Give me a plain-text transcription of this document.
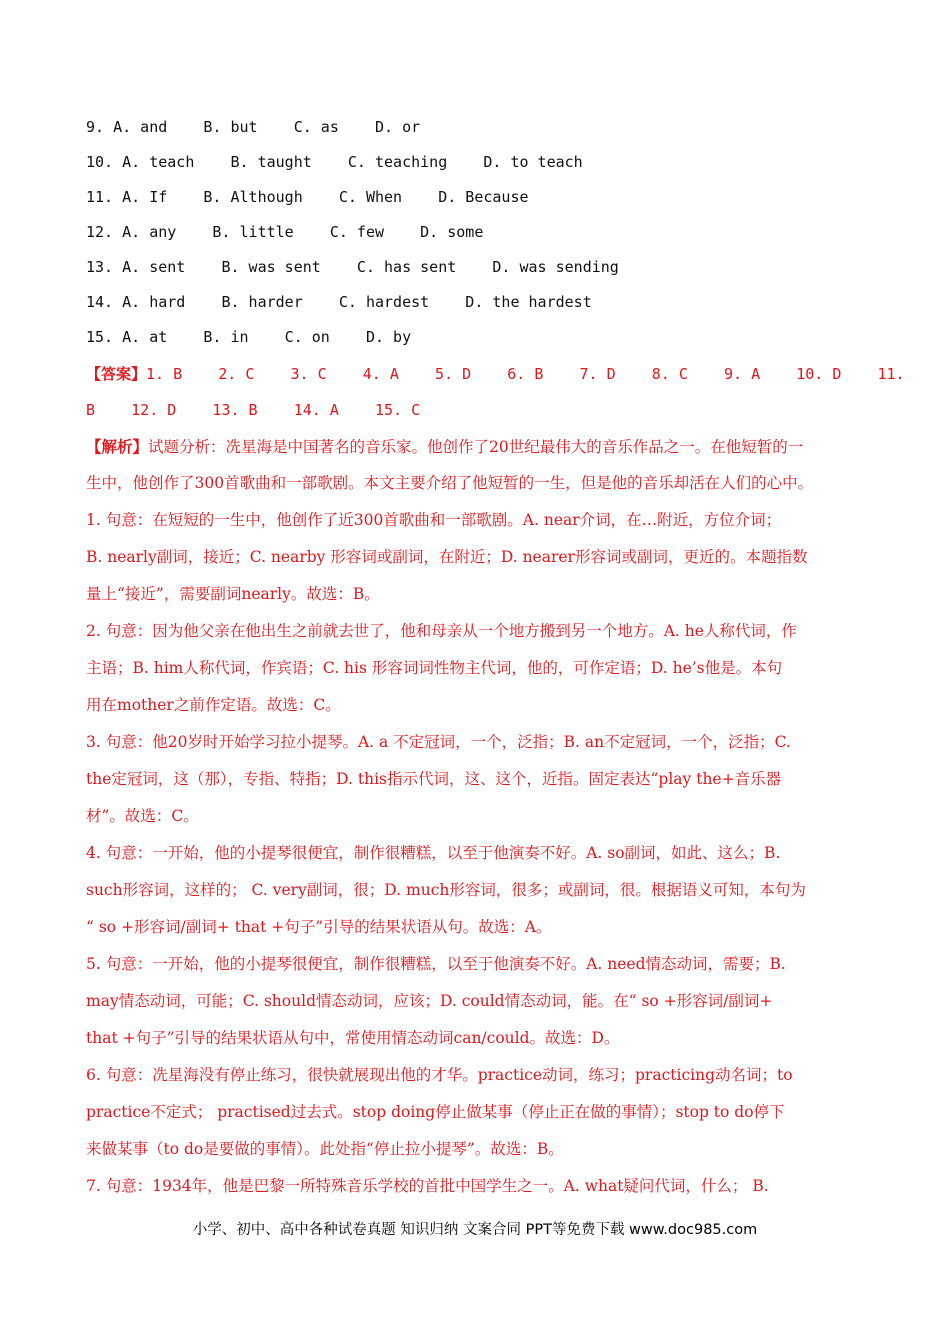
9. A. and    B. but    C. as    D. or
10. A. teach    B. taught    C. teaching    D. to teach
11. A. If    B. Although    C. When    D. Because
12. A. any    B. little    C. few    D. some
13. A. sent    B. was sent    C. has sent    D. was sending
14. A. hard    B. harder    C. hardest    D. the hardest
15. A. at    B. in    C. on    D. by
【答案】1. B    2. C    3. C    4. A    5. D    6. B    7. D    8. C    9. A    10. D    11.
B    12. D    13. B    14. A    15. C
【解析】试题分析：冼星海是中国著名的音乐家。他创作了20世纪最伟大的音乐作品之一。在他短暂的一
生中，他创作了300首歌曲和一部歌剧。本文主要介绍了他短暂的一生，但是他的音乐却活在人们的心中。
1. 句意：在短短的一生中，他创作了近300首歌曲和一部歌剧。A. near介词，在…附近，方位介词；
B. nearly副词，接近；C. nearby 形容词或副词，在附近；D. nearer形容词或副词，更近的。本题指数
量上“接近”，需要副词nearly。故选：B。
2. 句意：因为他父亲在他出生之前就去世了，他和母亲从一个地方搬到另一个地方。A. he人称代词，作
主语；B. him人称代词，作宾语；C. his 形容词词性物主代词，他的，可作定语；D. he’s他是。本句
用在mother之前作定语。故选：C。
3. 句意：他20岁时开始学习拉小提琴。A. a 不定冠词，一个，泛指；B. an不定冠词，一个，泛指；C.
the定冠词，这（那），专指、特指；D. this指示代词，这、这个，近指。固定表达“play the+音乐器
材”。故选：C。
4. 句意：一开始，他的小提琴很便宜，制作很糟糕，以至于他演奏不好。A. so副词，如此、这么；B.
such形容词，这样的； C. very副词，很；D. much形容词，很多；或副词，很。根据语义可知，本句为
“ so +形容词/副词+ that +句子”引导的结果状语从句。故选：A。
5. 句意：一开始，他的小提琴很便宜，制作很糟糕，以至于他演奏不好。A. need情态动词，需要；B.
may情态动词，可能；C. should情态动词，应该；D. could情态动词，能。在“ so +形容词/副词+
that +句子”引导的结果状语从句中，常使用情态动词can/could。故选：D。
6. 句意：冼星海没有停止练习，很快就展现出他的才华。practice动词，练习；practicing动名词；to
practice不定式； practised过去式。stop doing停止做某事（停止正在做的事情）；stop to do停下
来做某事（to do是要做的事情）。此处指“停止拉小提琴”。故选：B。
7. 句意：1934年，他是巴黎一所特殊音乐学校的首批中国学生之一。A. what疑问代词，什么； B.
小学、初中、高中各种试卷真题 知识归纳 文案合同 PPT等免费下载 www.doc985.com
